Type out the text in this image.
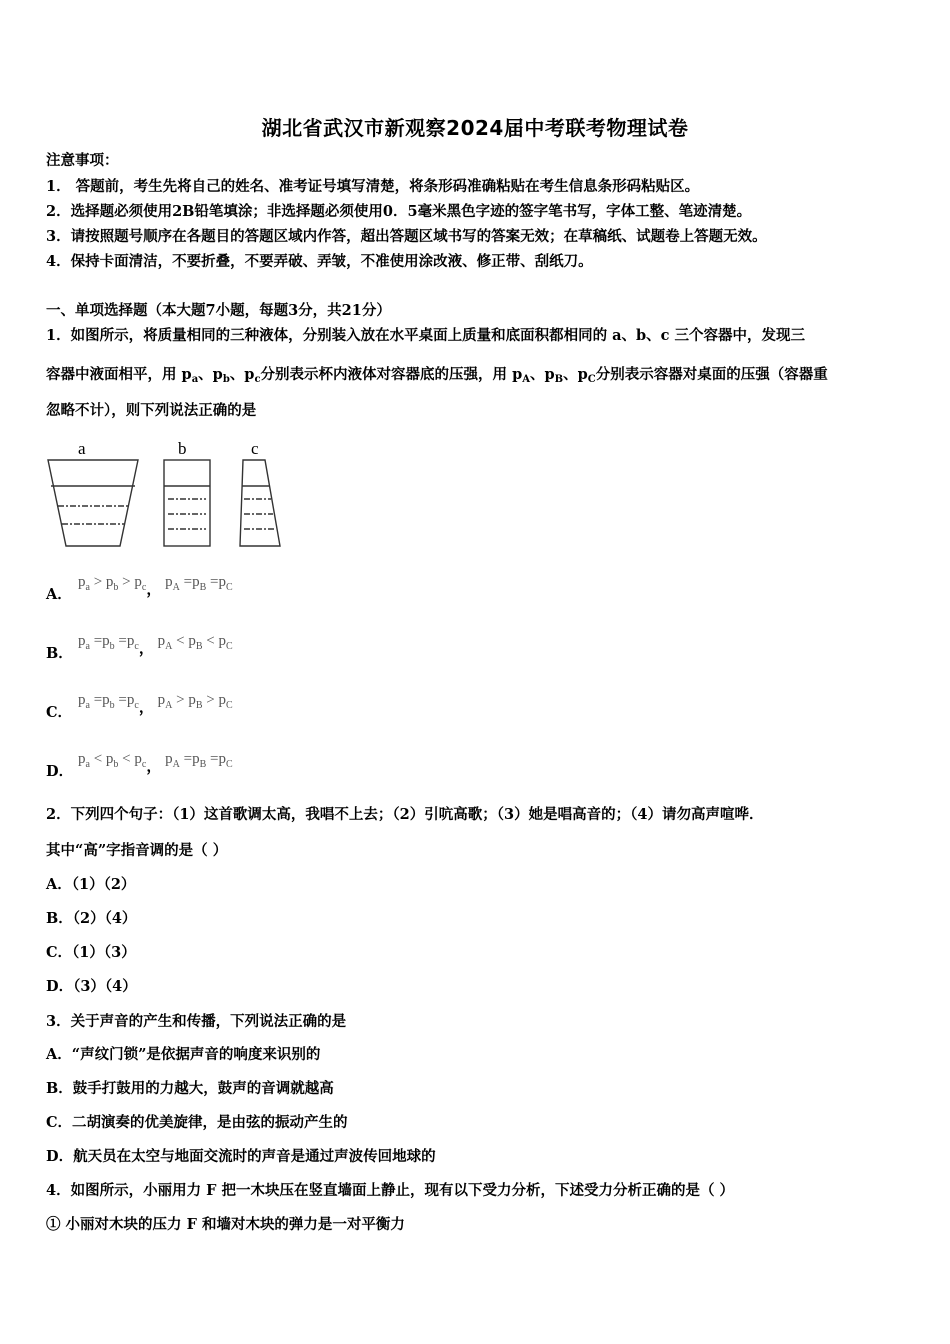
湖北省武汉市新观察2024届中考联考物理试卷
注意事项：
1． 答题前，考生先将自己的姓名、准考证号填写清楚，将条形码准确粘贴在考生信息条形码粘贴区。
2．选择题必须使用2B铅笔填涂；非选择题必须使用0．5毫米黑色字迹的签字笔书写，字体工整、笔迹清楚。
3．请按照题号顺序在各题目的答题区域内作答，超出答题区域书写的答案无效；在草稿纸、试题卷上答题无效。
4．保持卡面清洁，不要折叠，不要弄破、弄皱，不准使用涂改液、修正带、刮纸刀。
一、单项选择题（本大题7小题，每题3分，共21分）
1．如图所示，将质量相同的三种液体，分别装入放在水平桌面上质量和底面积都相同的 a、b、c 三个容器中，发现三
容器中液面相平，用 $p_a$、$p_b$、$p_c$分别表示杯内液体对容器底的压强，用 $p_A$、$p_B$、$p_C$分别表示容器对桌面的压强（容器重
忽略不计），则下列说法正确的是
a	b	c
A．
$p_a > p_b > p_c$， $p_A =p_B =p_C$
B．
$p_a =p_b =p_c$， $p_A < p_B < p_C$
C．
$p_a =p_b =p_c$， $p_A > p_B > p_C$
D．
$p_a < p_b < p_c$， $p_A =p_B =p_C$
2．下列四个句子：（1）这首歌调太高，我唱不上去；（2）引吭高歌；（3）她是唱高音的；（4）请勿高声喧哗．
其中“高”字指音调的是（ ）
A．（1）（2）
B．（2）（4）
C．（1）（3）
D．（3）（4）
3．关于声音的产生和传播，下列说法正确的是
A．“声纹门锁”是依据声音的响度来识别的
B．鼓手打鼓用的力越大，鼓声的音调就越高
C．二胡演奏的优美旋律，是由弦的振动产生的
D．航天员在太空与地面交流时的声音是通过声波传回地球的
4．如图所示，小丽用力 F 把一木块压在竖直墙面上静止，现有以下受力分析，下述受力分析正确的是（ ）
① 小丽对木块的压力 F 和墙对木块的弹力是一对平衡力
